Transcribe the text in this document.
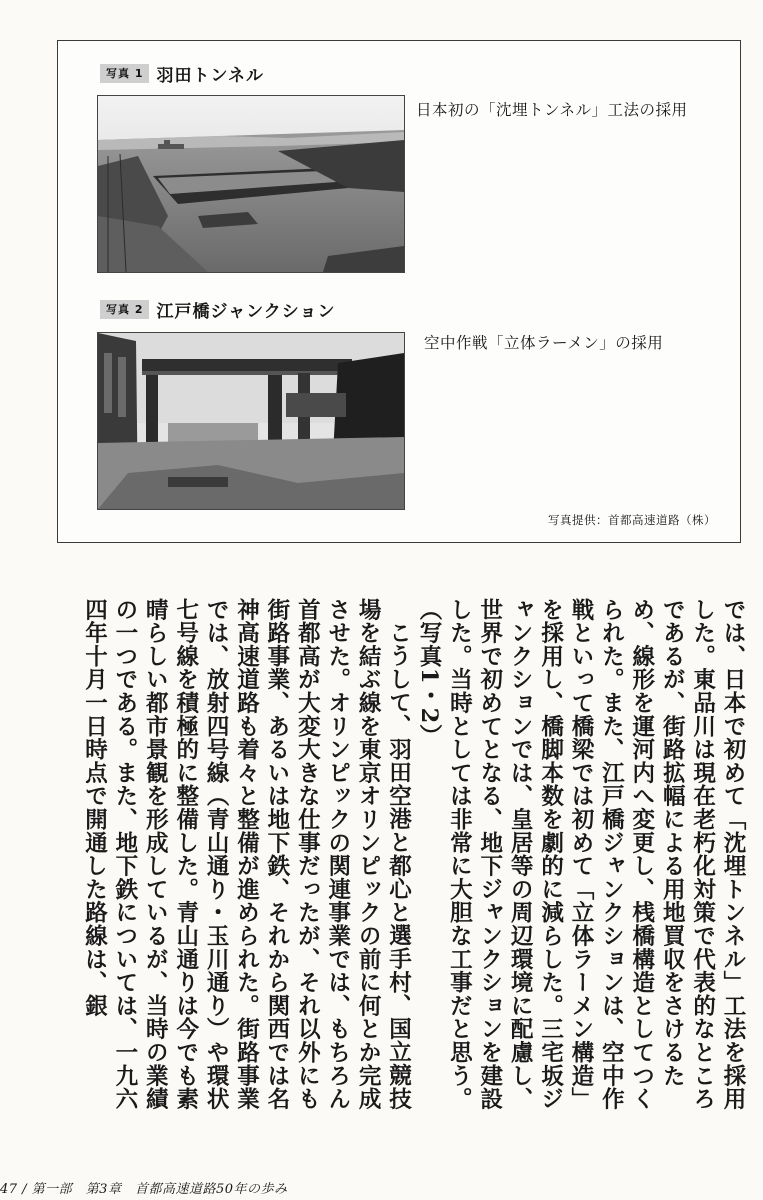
写真 1 羽田トンネル
日本初の「沈埋トンネル」工法の採用
写真 2 江戸橋ジャンクション
空中作戦「立体ラーメン」の採用
写真提供：首都高速道路（株）

では、日本で初めて「沈埋トンネル」工法を採用した。東品川は現在老朽化対策で代表的なところであるが、街路拡幅による用地買収をさけるため、線形を運河内へ変更し、桟橋構造としてつくられた。また、江戸橋ジャンクションは、空中作戦といって橋梁では初めて「立体ラーメン構造」を採用し、橋脚本数を劇的に減らした。三宅坂ジャンクションでは、皇居等の周辺環境に配慮し、世界で初めてとなる、地下ジャンクションを建設した。当時としては非常に大胆な工事だと思う。（写真1・2）

こうして、羽田空港と都心と選手村、国立競技場を結ぶ線を東京オリンピックの前に何とか完成させた。オリンピックの関連事業では、もちろん首都高が大変大きな仕事だったが、それ以外にも街路事業、あるいは地下鉄、それから関西では名神高速道路も着々と整備が進められた。街路事業では、放射四号線（青山通り・玉川通り）や環状七号線を積極的に整備した。青山通りは今でも素晴らしい都市景観を形成しているが、当時の業績の一つである。また、地下鉄については、一九六四年十月一日時点で開通した路線は、銀

47 / 第一部　第3章　首都高速道路50年の歩み
